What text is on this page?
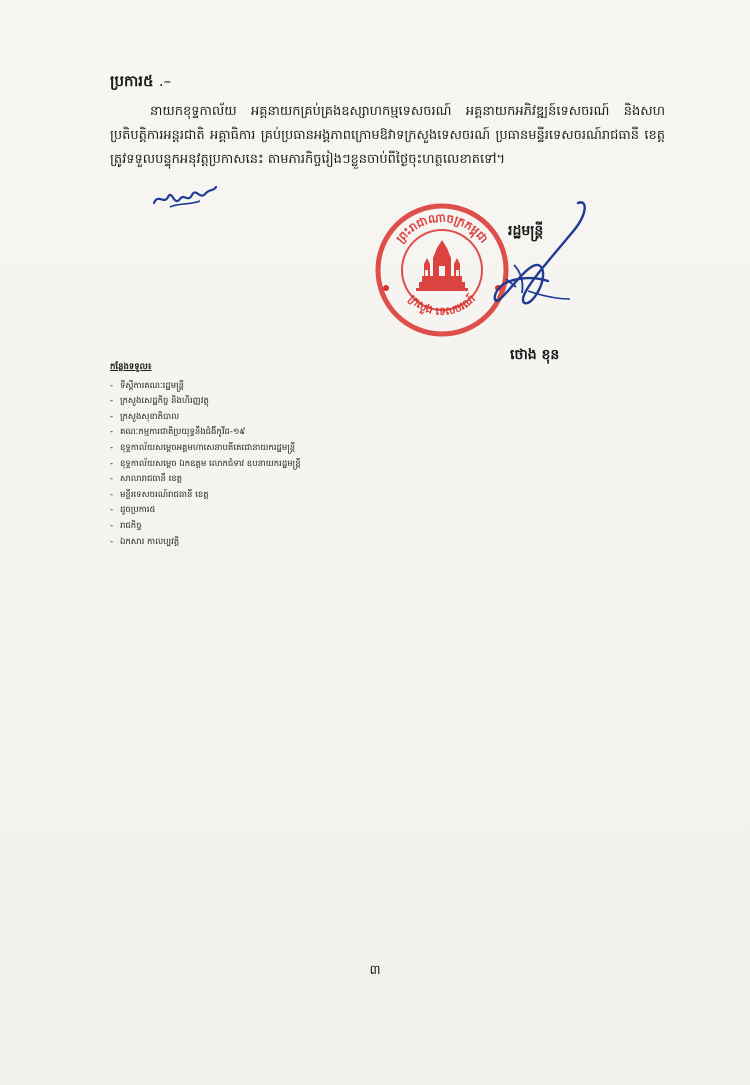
ប្រការ៥ .–
នាយកខុទ្ទកាល័យ អគ្គនាយកគ្រប់គ្រងឧស្សាហកម្មទេសចរណ៍ អគ្គនាយកអភិវឌ្ឍន៍ទេសចរណ៍ និងសហប្រតិបត្តិការអន្តរជាតិ អគ្គាធិការ គ្រប់ប្រធានអង្គភាពក្រោមឱវាទក្រសួងទេសចរណ៍ ប្រធានមន្ទីរទេសចរណ៍រាជធានី ខេត្ត ត្រូវទទួលបន្ទុកអនុវត្តប្រកាសនេះ តាមភារកិច្ចរៀងៗខ្លួនចាប់ពីថ្ងៃចុះហត្ថលេខាតទៅ។
ព្រះរាជាណាចក្រកម្ពុជា
ក្រសួង ទេសចរណ៍
រដ្ឋមន្ត្រី
ថោង ខុន
កន្លែងទទួល៖
- ទីស្តីការគណៈរដ្ឋមន្ត្រី
- ក្រសួងសេដ្ឋកិច្ច និងហិរញ្ញវត្ថុ
- ក្រសួងសុខាភិបាល
- គណៈកម្មការជាតិប្រយុទ្ធនឹងជំងឺកូវីដ-១៩
- ខុទ្ទកាល័យសម្តេចអគ្គមហាសេនាបតីតេជោនាយករដ្ឋមន្ត្រី
- ខុទ្ទកាល័យសម្តេច ឯកឧត្តម លោកជំទាវ ឧបនាយករដ្ឋមន្ត្រី
- សាលារាជធានី ខេត្ត
- មន្ទីរទេសចរណ៍រាជធានី ខេត្ត
- ដូចប្រការ៥
- រាជកិច្ច
- ឯកសារ កាលប្បវត្តិ
៣
